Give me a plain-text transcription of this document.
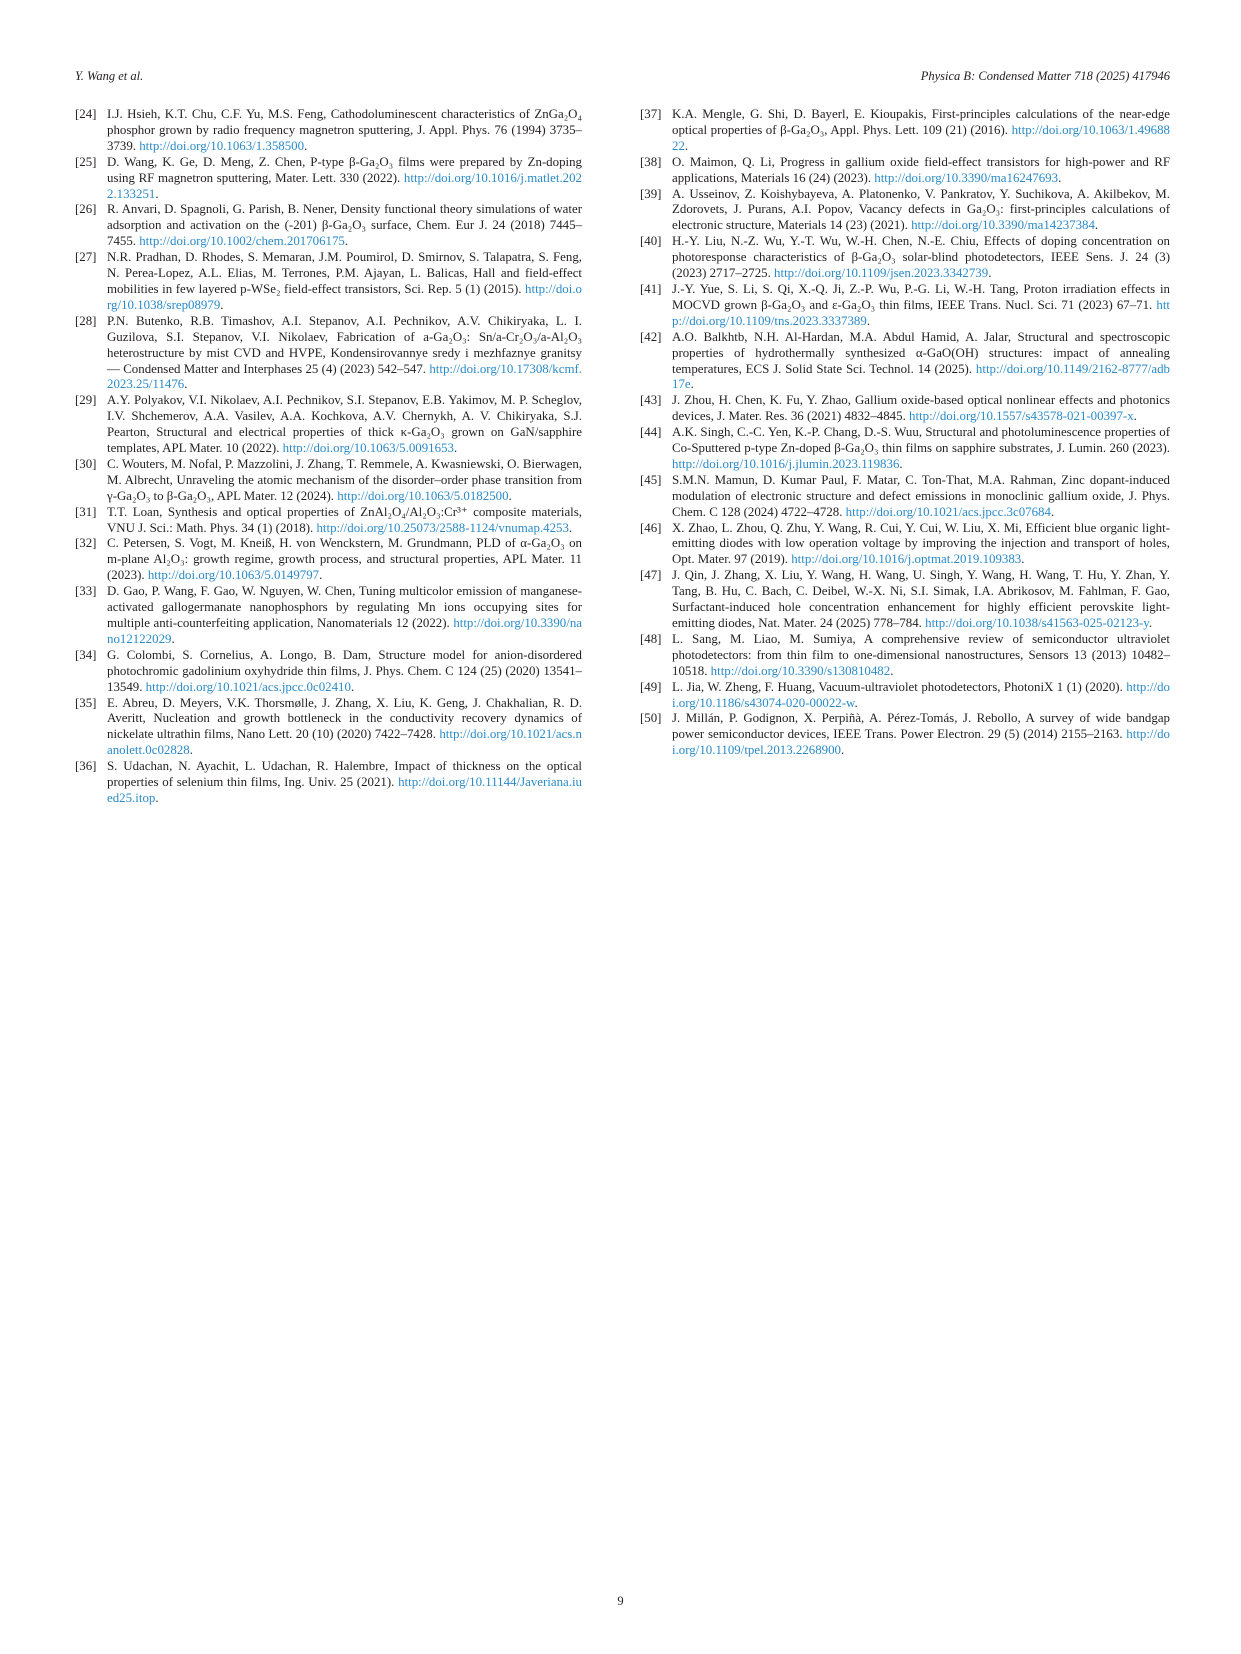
Y. Wang et al.	Physica B: Condensed Matter 718 (2025) 417946
[24] I.J. Hsieh, K.T. Chu, C.F. Yu, M.S. Feng, Cathodoluminescent characteristics of ZnGa₂O₄ phosphor grown by radio frequency magnetron sputtering, J. Appl. Phys. 76 (1994) 3735–3739. http://doi.org/10.1063/1.358500.
[25] D. Wang, K. Ge, D. Meng, Z. Chen, P-type β-Ga₂O₃ films were prepared by Zn-doping using RF magnetron sputtering, Mater. Lett. 330 (2022). http://doi.org/10.1016/j.matlet.2022.133251.
[26] R. Anvari, D. Spagnoli, G. Parish, B. Nener, Density functional theory simulations of water adsorption and activation on the (-201) β-Ga₂O₃ surface, Chem. Eur J. 24 (2018) 7445–7455. http://doi.org/10.1002/chem.201706175.
[27] N.R. Pradhan, D. Rhodes, S. Memaran, J.M. Poumirol, D. Smirnov, S. Talapatra, S. Feng, N. Perea-Lopez, A.L. Elias, M. Terrones, P.M. Ajayan, L. Balicas, Hall and field-effect mobilities in few layered p-WSe₂ field-effect transistors, Sci. Rep. 5 (1) (2015). http://doi.org/10.1038/srep08979.
[28] P.N. Butenko, R.B. Timashov, A.I. Stepanov, A.I. Pechnikov, A.V. Chikiryaka, L. I. Guzilova, S.I. Stepanov, V.I. Nikolaev, Fabrication of a-Ga₂O₃: Sn/a-Cr₂O₃/a-Al₂O₃ heterostructure by mist CVD and HVPE, Kondensirovannye sredy i mezhfaznye granitsy — Condensed Matter and Interphases 25 (4) (2023) 542–547. http://doi.org/10.17308/kcmf.2023.25/11476.
[29] A.Y. Polyakov, V.I. Nikolaev, A.I. Pechnikov, S.I. Stepanov, E.B. Yakimov, M. P. Scheglov, I.V. Shchemerov, A.A. Vasilev, A.A. Kochkova, A.V. Chernykh, A. V. Chikiryaka, S.J. Pearton, Structural and electrical properties of thick κ-Ga₂O₃ grown on GaN/sapphire templates, APL Mater. 10 (2022). http://doi.org/10.1063/5.0091653.
[30] C. Wouters, M. Nofal, P. Mazzolini, J. Zhang, T. Remmele, A. Kwasniewski, O. Bierwagen, M. Albrecht, Unraveling the atomic mechanism of the disorder–order phase transition from γ-Ga₂O₃ to β-Ga₂O₃, APL Mater. 12 (2024). http://doi.org/10.1063/5.0182500.
[31] T.T. Loan, Synthesis and optical properties of ZnAl₂O₄/Al₂O₃:Cr³⁺ composite materials, VNU J. Sci.: Math. Phys. 34 (1) (2018). http://doi.org/10.25073/2588-1124/vnumap.4253.
[32] C. Petersen, S. Vogt, M. Kneiß, H. von Wenckstern, M. Grundmann, PLD of α-Ga₂O₃ on m-plane Al₂O₃: growth regime, growth process, and structural properties, APL Mater. 11 (2023). http://doi.org/10.1063/5.0149797.
[33] D. Gao, P. Wang, F. Gao, W. Nguyen, W. Chen, Tuning multicolor emission of manganese-activated gallogermanate nanophosphors by regulating Mn ions occupying sites for multiple anti-counterfeiting application, Nanomaterials 12 (2022). http://doi.org/10.3390/nano12122029.
[34] G. Colombi, S. Cornelius, A. Longo, B. Dam, Structure model for anion-disordered photochromic gadolinium oxyhydride thin films, J. Phys. Chem. C 124 (25) (2020) 13541–13549. http://doi.org/10.1021/acs.jpcc.0c02410.
[35] E. Abreu, D. Meyers, V.K. Thorsmølle, J. Zhang, X. Liu, K. Geng, J. Chakhalian, R. D. Averitt, Nucleation and growth bottleneck in the conductivity recovery dynamics of nickelate ultrathin films, Nano Lett. 20 (10) (2020) 7422–7428. http://doi.org/10.1021/acs.nanolett.0c02828.
[36] S. Udachan, N. Ayachit, L. Udachan, R. Halembre, Impact of thickness on the optical properties of selenium thin films, Ing. Univ. 25 (2021). http://doi.org/10.11144/Javeriana.iued25.itop.
[37] K.A. Mengle, G. Shi, D. Bayerl, E. Kioupakis, First-principles calculations of the near-edge optical properties of β-Ga₂O₃, Appl. Phys. Lett. 109 (21) (2016). http://doi.org/10.1063/1.4968822.
[38] O. Maimon, Q. Li, Progress in gallium oxide field-effect transistors for high-power and RF applications, Materials 16 (24) (2023). http://doi.org/10.3390/ma16247693.
[39] A. Usseinov, Z. Koishybayeva, A. Platonenko, V. Pankratov, Y. Suchikova, A. Akilbekov, M. Zdorovets, J. Purans, A.I. Popov, Vacancy defects in Ga₂O₃: first-principles calculations of electronic structure, Materials 14 (23) (2021). http://doi.org/10.3390/ma14237384.
[40] H.-Y. Liu, N.-Z. Wu, Y.-T. Wu, W.-H. Chen, N.-E. Chiu, Effects of doping concentration on photoresponse characteristics of β-Ga₂O₃ solar-blind photodetectors, IEEE Sens. J. 24 (3) (2023) 2717–2725. http://doi.org/10.1109/jsen.2023.3342739.
[41] J.-Y. Yue, S. Li, S. Qi, X.-Q. Ji, Z.-P. Wu, P.-G. Li, W.-H. Tang, Proton irradiation effects in MOCVD grown β-Ga₂O₃ and ε-Ga₂O₃ thin films, IEEE Trans. Nucl. Sci. 71 (2023) 67–71. http://doi.org/10.1109/tns.2023.3337389.
[42] A.O. Balkhtb, N.H. Al-Hardan, M.A. Abdul Hamid, A. Jalar, Structural and spectroscopic properties of hydrothermally synthesized α-GaO(OH) structures: impact of annealing temperatures, ECS J. Solid State Sci. Technol. 14 (2025). http://doi.org/10.1149/2162-8777/adb17e.
[43] J. Zhou, H. Chen, K. Fu, Y. Zhao, Gallium oxide-based optical nonlinear effects and photonics devices, J. Mater. Res. 36 (2021) 4832–4845. http://doi.org/10.1557/s43578-021-00397-x.
[44] A.K. Singh, C.-C. Yen, K.-P. Chang, D.-S. Wuu, Structural and photoluminescence properties of Co-Sputtered p-type Zn-doped β-Ga₂O₃ thin films on sapphire substrates, J. Lumin. 260 (2023). http://doi.org/10.1016/j.jlumin.2023.119836.
[45] S.M.N. Mamun, D. Kumar Paul, F. Matar, C. Ton-That, M.A. Rahman, Zinc dopant-induced modulation of electronic structure and defect emissions in monoclinic gallium oxide, J. Phys. Chem. C 128 (2024) 4722–4728. http://doi.org/10.1021/acs.jpcc.3c07684.
[46] X. Zhao, L. Zhou, Q. Zhu, Y. Wang, R. Cui, Y. Cui, W. Liu, X. Mi, Efficient blue organic light-emitting diodes with low operation voltage by improving the injection and transport of holes, Opt. Mater. 97 (2019). http://doi.org/10.1016/j.optmat.2019.109383.
[47] J. Qin, J. Zhang, X. Liu, Y. Wang, H. Wang, U. Singh, Y. Wang, H. Wang, T. Hu, Y. Zhan, Y. Tang, B. Hu, C. Bach, C. Deibel, W.-X. Ni, S.I. Simak, I.A. Abrikosov, M. Fahlman, F. Gao, Surfactant-induced hole concentration enhancement for highly efficient perovskite light-emitting diodes, Nat. Mater. 24 (2025) 778–784. http://doi.org/10.1038/s41563-025-02123-y.
[48] L. Sang, M. Liao, M. Sumiya, A comprehensive review of semiconductor ultraviolet photodetectors: from thin film to one-dimensional nanostructures, Sensors 13 (2013) 10482–10518. http://doi.org/10.3390/s130810482.
[49] L. Jia, W. Zheng, F. Huang, Vacuum-ultraviolet photodetectors, PhotoniX 1 (1) (2020). http://doi.org/10.1186/s43074-020-00022-w.
[50] J. Millán, P. Godignon, X. Perpiñà, A. Pérez-Tomás, J. Rebollo, A survey of wide bandgap power semiconductor devices, IEEE Trans. Power Electron. 29 (5) (2014) 2155–2163. http://doi.org/10.1109/tpel.2013.2268900.
9
